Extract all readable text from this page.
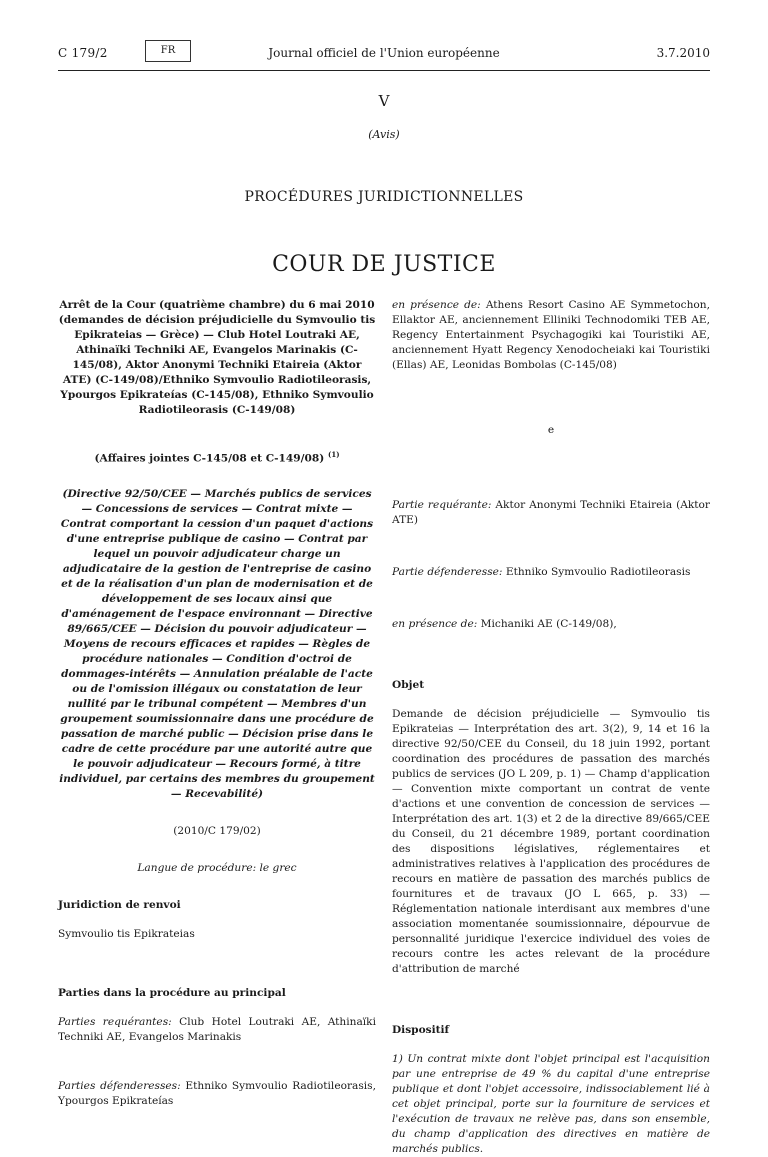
C 179/2	FR	Journal officiel de l'Union européenne	3.7.2010
V
(Avis)
PROCÉDURES JURIDICTIONNELLES
COUR DE JUSTICE

Arrêt de la Cour (quatrième chambre) du 6 mai 2010 (demandes de décision préjudicielle du Symvoulio tis Epikrateias — Grèce) — Club Hotel Loutraki AE, Athinaïki Techniki AE, Evangelos Marinakis (C-145/08), Aktor Anonymi Techniki Etaireia (Aktor ATE) (C-149/08)/Ethniko Symvoulio Radiotileorasis, Ypourgos Epikrateías (C-145/08), Ethniko Symvoulio Radiotileorasis (C-149/08)

(Affaires jointes C-145/08 et C-149/08) $^{(1)}$

(Directive 92/50/CEE — Marchés publics de services — Concessions de services — Contrat mixte — Contrat comportant la cession d'un paquet d'actions d'une entreprise publique de casino — Contrat par lequel un pouvoir adjudicateur charge un adjudicataire de la gestion de l'entreprise de casino et de la réalisation d'un plan de modernisation et de développement de ses locaux ainsi que d'aménagement de l'espace environnant — Directive 89/665/CEE — Décision du pouvoir adjudicateur — Moyens de recours efficaces et rapides — Règles de procédure nationales — Condition d'octroi de dommages-intérêts — Annulation préalable de l'acte ou de l'omission illégaux ou constatation de leur nullité par le tribunal compétent — Membres d'un groupement soumissionnaire dans une procédure de passation de marché public — Décision prise dans le cadre de cette procédure par une autorité autre que le pouvoir adjudicateur — Recours formé, à titre individuel, par certains des membres du groupement — Recevabilité)

(2010/C 179/02)

Langue de procédure: le grec

Juridiction de renvoi

Symvoulio tis Epikrateias

Parties dans la procédure au principal

Parties requérantes: Club Hotel Loutraki AE, Athinaïki Techniki AE, Evangelos Marinakis

Parties défenderesses: Ethniko Symvoulio Radiotileorasis, Ypourgos Epikrateías

en présence de: Athens Resort Casino AE Symmetochon, Ellaktor AE, anciennement Elliniki Technodomiki TEB AE, Regency Entertainment Psychagogiki kai Touristiki AE, anciennement Hyatt Regency Xenodocheiaki kai Touristiki (Ellas) AE, Leonidas Bombolas (C-145/08)

e

Partie requérante: Aktor Anonymi Techniki Etaireia (Aktor ATE)

Partie défenderesse: Ethniko Symvoulio Radiotileorasis

en présence de: Michaniki AE (C-149/08),

Objet

Demande de décision préjudicielle — Symvoulio tis Epikrateias — Interprétation des art. 3(2), 9, 14 et 16 la directive 92/50/CEE du Conseil, du 18 juin 1992, portant coordination des procédures de passation des marchés publics de services (JO L 209, p. 1) — Champ d'application — Convention mixte comportant un contrat de vente d'actions et une convention de concession de services — Interprétation des art. 1(3) et 2 de la directive 89/665/CEE du Conseil, du 21 décembre 1989, portant coordination des dispositions législatives, réglementaires et administratives relatives à l'application des procédures de recours en matière de passation des marchés publics de fournitures et de travaux (JO L 665, p. 33) — Réglementation nationale interdisant aux membres d'une association momentanée soumissionnaire, dépourvue de personnalité juridique l'exercice individuel des voies de recours contre les actes relevant de la procédure d'attribution de marché

Dispositif

1) Un contrat mixte dont l'objet principal est l'acquisition par une entreprise de 49 % du capital d'une entreprise publique et dont l'objet accessoire, indissociablement lié à cet objet principal, porte sur la fourniture de services et l'exécution de travaux ne relève pas, dans son ensemble, du champ d'application des directives en matière de marchés publics.
